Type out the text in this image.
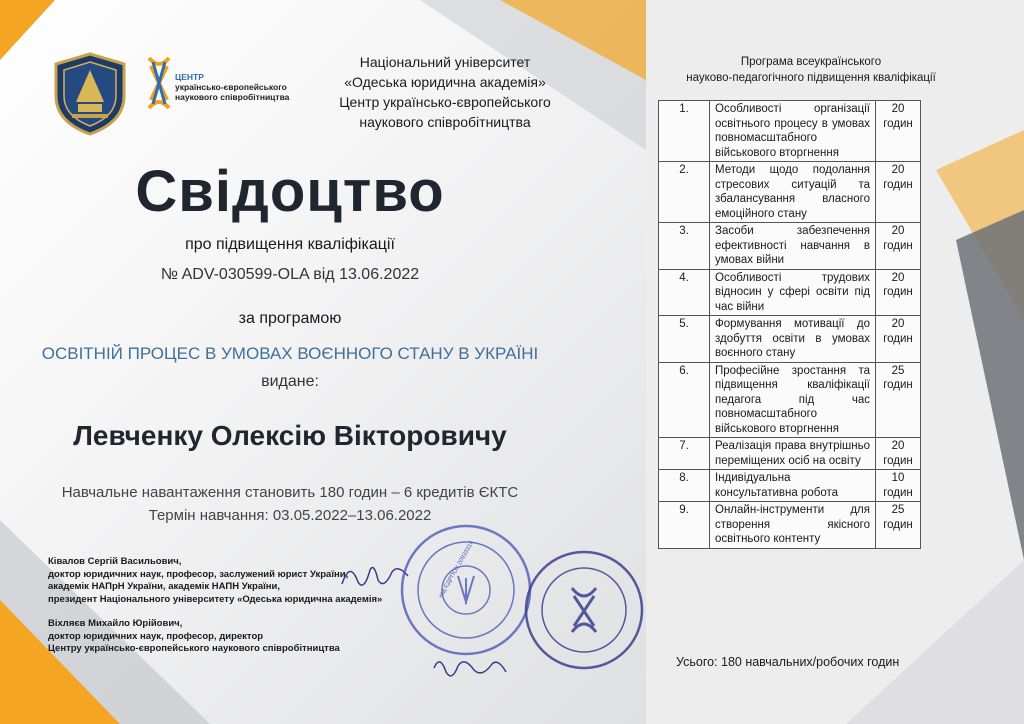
ЦЕНТР
українсько-європейського
наукового співробітництва
Національний університет
«Одеська юридична академія»
Центр українсько-європейського
наукового співробітництва
Свідоцтво
про підвищення кваліфікації
№ ADV-030599-OLA від 13.06.2022
за програмою
ОСВІТНІЙ ПРОЦЕС В УМОВАХ ВОЄННОГО СТАНУ В УКРАЇНІ
видане:
Левченку Олексію Вікторовичу
Навчальне навантаження становить 180 годин – 6 кредитів ЄКТС
Термін навчання: 03.05.2022–13.06.2022
Ківалов Сергій Васильович,
доктор юридичних наук, професор, заслужений юрист України,
академік НАПрН України, академік НАПН України,
президент Національного університету «Одеська юридична академія»
Віхляєв Михайло Юрійович,
доктор юридичних наук, професор, директор
Центру українсько-європейського наукового співробітництва
код ЄДРПОУ 20933314
Програма всеукраїнського
науково-педагогічного підвищення кваліфікації
1.	Особливості організації освітнього процесу в умовах повномасштабного військового вторгнення	20
годин

2.	Методи щодо подолання стресових ситуацій та збалансування власного емоційного стану	20
годин

3.	Засоби забезпечення ефективності навчання в умовах війни	20
годин

4.	Особливості трудових відносин у сфері освіти під час війни	20
годин

5.	Формування мотивації до здобуття освіти в умовах воєнного стану	20
годин

6.	Професійне зростання та підвищення кваліфікації педагога під час повномасштабного військового вторгнення	25
годин

7.	Реалізація права внутрішньо переміщених осіб на освіту	20
годин

8.	Індивідуальна консультативна робота	10
годин

9.	Онлайн-інструменти для створення якісного освітнього контенту	25
годин
Усього: 180 навчальних/робочих годин
